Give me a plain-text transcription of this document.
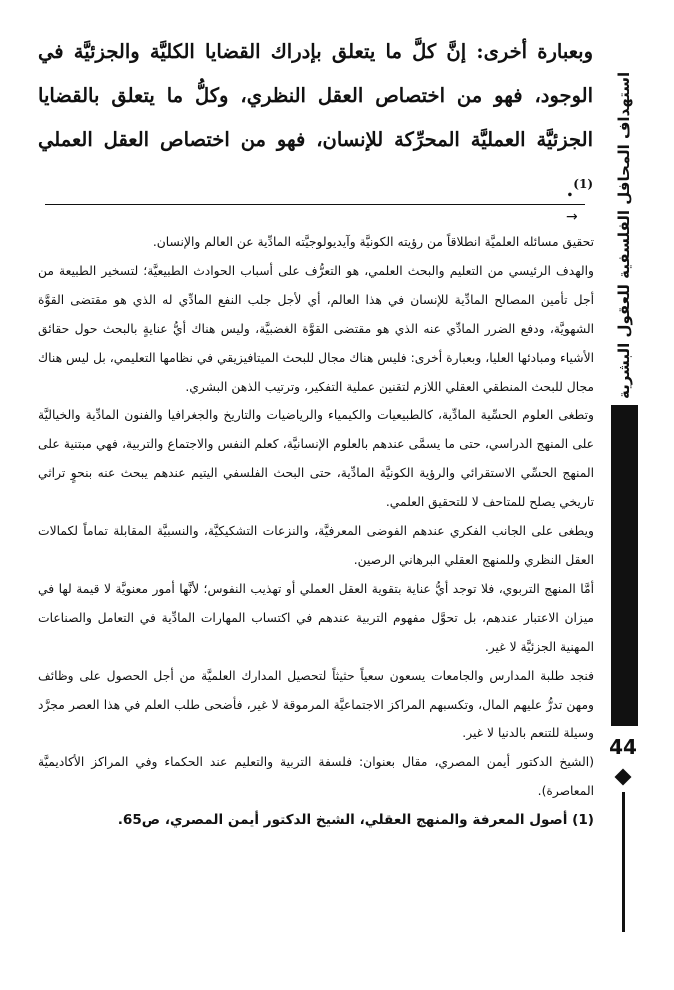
وبعبارة أخرى: إنَّ كلَّ ما يتعلق بإدراك القضايا الكليَّة والجزئيَّة في الوجود، فهو من اختصاص العقل النظري، وكلُّ ما يتعلق بالقضايا الجزئيَّة العمليَّة المحرِّكة للإنسان، فهو من اختصاص العقل العملي $^{(1)}$.

→

تحقيق مسائله العلميَّة انطلاقاً من رؤيته الكونيَّة وآيديولوجيَّته المادِّية عن العالم والإنسان.

والهدف الرئيسي من التعليم والبحث العلمي، هو التعرُّف على أسباب الحوادث الطبيعيَّة؛ لتسخير الطبيعة من أجل تأمين المصالح المادِّية للإنسان في هذا العالم، أي لأجل جلب النفع المادِّي له الذي هو مقتضى القوَّة الشهويَّة، ودفع الضرر المادِّي عنه الذي هو مقتضى القوَّة الغضبيَّة، وليس هناك أيُّ عنايةٍ بالبحث حول حقائق الأشياء ومبادئها العليا، وبعبارة أخرى: فليس هناك مجال للبحث الميتافيزيقي في نظامها التعليمي، بل ليس هناك مجال للبحث المنطقي العقلي اللازم لتقنين عملية التفكير، وترتيب الذهن البشري.

وتطغى العلوم الحسِّية المادِّية، كالطبيعيات والكيمياء والرياضيات والتاريخ والجغرافيا والفنون المادِّية والخياليَّة على المنهج الدراسي، حتى ما يسمَّى عندهم بالعلوم الإنسانيَّة، كعلم النفس والاجتماع والتربية، فهي مبتنية على المنهج الحسِّي الاستقرائي والرؤية الكونيَّة المادِّية، حتى البحث الفلسفي اليتيم عندهم يبحث عنه بنحوٍ تراثي تاريخي يصلح للمتاحف لا للتحقيق العلمي.

ويطغى على الجانب الفكري عندهم الفوضى المعرفيَّة، والنزعات التشكيكيَّة، والنسبيَّة المقابلة تماماً لكمالات العقل النظري وللمنهج العقلي البرهاني الرصين.

أمَّا المنهج التربوي، فلا توجد أيُّ عناية بتقوية العقل العملي أو تهذيب النفوس؛ لأنَّها أمور معنويَّة لا قيمة لها في ميزان الاعتبار عندهم، بل تحوَّل مفهوم التربية عندهم في اكتساب المهارات المادِّية في التعامل والصناعات المهنية الجزئيَّة لا غير.

فنجد طلبة المدارس والجامعات يسعون سعياً حثيثاً لتحصيل المدارك العلميَّة من أجل الحصول على وظائف ومهن تدرُّ عليهم المال، وتكسبهم المراكز الاجتماعيَّة المرموقة لا غير، فأضحى طلب العلم في هذا العصر مجرَّد وسيلة للتنعم بالدنيا لا غير.

(الشيخ الدكتور أيمن المصري، مقال بعنوان: فلسفة التربية والتعليم عند الحكماء وفي المراكز الأكاديميَّة المعاصرة).

(1) أصول المعرفة والمنهج العقلي، الشيخ الدكتور أيمن المصري، ص65.

استهداف المحافل الفلسفية للعقول البشرية
44
